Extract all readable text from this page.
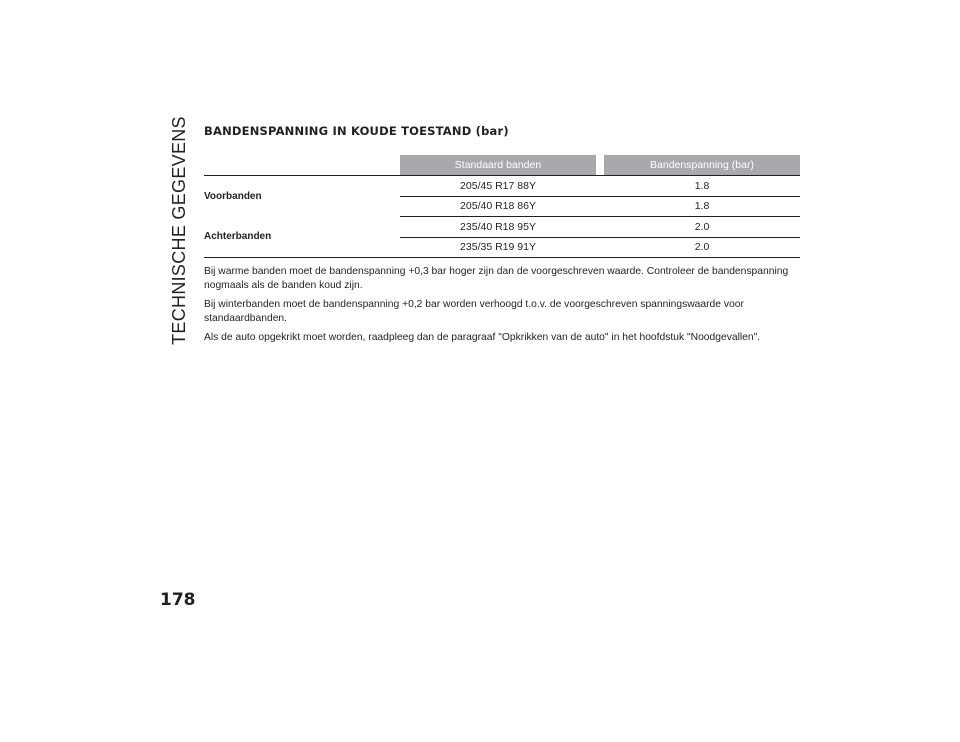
TECHNISCHE GEGEVENS BANDENSPANNING IN KOUDE TOESTAND (bar)
	Standaard banden		Bandenspanning (bar)
Voorbanden	205/45 R17 88Y		1.8
	205/40 R18 86Y		1.8
Achterbanden	235/40 R18 95Y		2.0
	235/35 R19 91Y		2.0

Bij warme banden moet de bandenspanning +0,3 bar hoger zijn dan de voorgeschreven waarde. Controleer de bandenspanning nogmaals als de banden koud zijn.

Bij winterbanden moet de bandenspanning +0,2 bar worden verhoogd t.o.v. de voorgeschreven spanningswaarde voor standaardbanden.

Als de auto opgekrikt moet worden, raadpleeg dan de paragraaf "Opkrikken van de auto" in het hoofdstuk "Noodgevallen".

178
